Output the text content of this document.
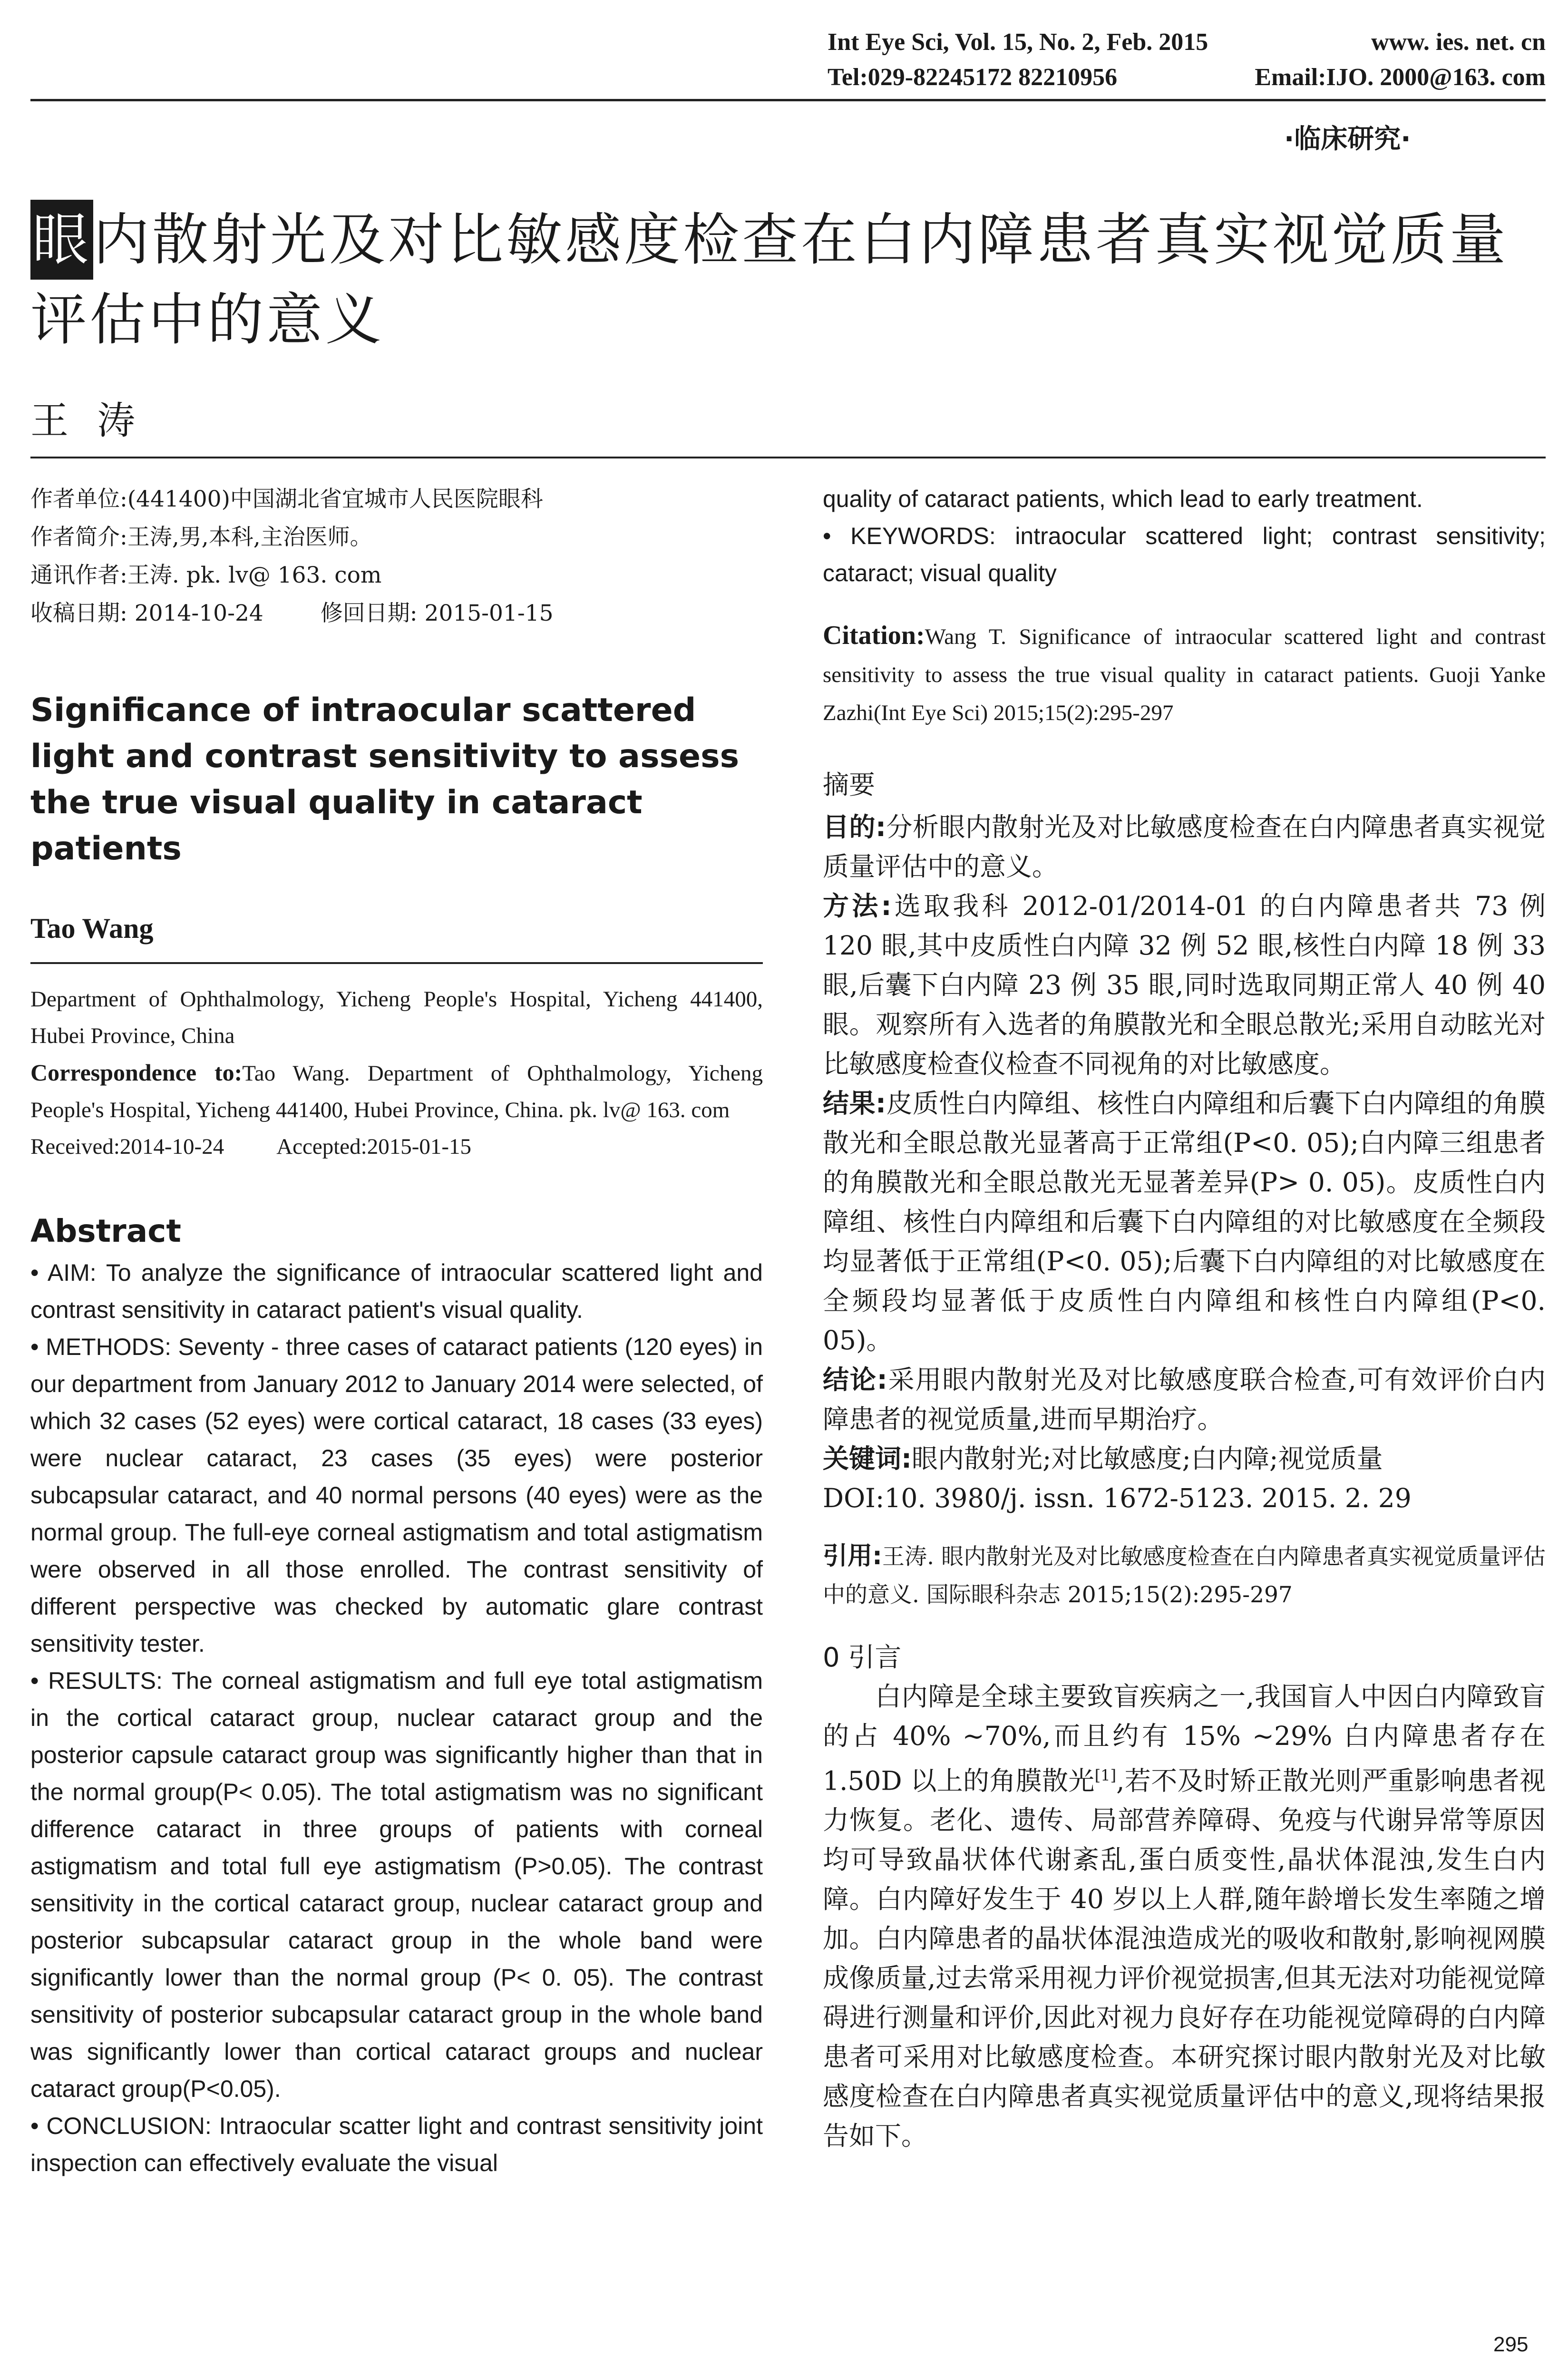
Int Eye Sci, Vol. 15, No. 2, Feb. 2015	www. ies. net. cn
Tel:029-82245172 82210956	Email:IJO. 2000@163. com
·临床研究·
眼内散射光及对比敏感度检查在白内障患者真实视觉质量评估中的意义
王涛
作者单位:(441400)中国湖北省宜城市人民医院眼科
作者简介:王涛,男,本科,主治医师。
通讯作者:王涛. pk. lv@ 163. com
收稿日期: 2014-10-24	修回日期: 2015-01-15
Significance of intraocular scattered light and contrast sensitivity to assess the true visual quality in cataract patients
Tao Wang
Department of Ophthalmology, Yicheng People's Hospital, Yicheng 441400, Hubei Province, China
Correspondence to:Tao Wang. Department of Ophthalmology, Yicheng People's Hospital, Yicheng 441400, Hubei Province, China. pk. lv@ 163. com
Received:2014-10-24 Accepted:2015-01-15
Abstract

• AIM: To analyze the significance of intraocular scattered light and contrast sensitivity in cataract patient's visual quality.

• METHODS: Seventy - three cases of cataract patients (120 eyes) in our department from January 2012 to January 2014 were selected, of which 32 cases (52 eyes) were cortical cataract, 18 cases (33 eyes) were nuclear cataract, 23 cases (35 eyes) were posterior subcapsular cataract, and 40 normal persons (40 eyes) were as the normal group. The full-eye corneal astigmatism and total astigmatism were observed in all those enrolled. The contrast sensitivity of different perspective was checked by automatic glare contrast sensitivity tester.

• RESULTS: The corneal astigmatism and full eye total astigmatism in the cortical cataract group, nuclear cataract group and the posterior capsule cataract group was significantly higher than that in the normal group(P< 0.05). The total astigmatism was no significant difference cataract in three groups of patients with corneal astigmatism and total full eye astigmatism (P>0.05). The contrast sensitivity in the cortical cataract group, nuclear cataract group and posterior subcapsular cataract group in the whole band were significantly lower than the normal group (P< 0. 05). The contrast sensitivity of posterior subcapsular cataract group in the whole band was significantly lower than cortical cataract groups and nuclear cataract group(P<0.05).

• CONCLUSION: Intraocular scatter light and contrast sensitivity joint inspection can effectively evaluate the visual

quality of cataract patients, which lead to early treatment.

• KEYWORDS: intraocular scattered light; contrast sensitivity; cataract; visual quality

Citation:Wang T. Significance of intraocular scattered light and contrast sensitivity to assess the true visual quality in cataract patients. Guoji Yanke Zazhi(Int Eye Sci) 2015;15(2):295-297

摘要

目的:分析眼内散射光及对比敏感度检查在白内障患者真实视觉质量评估中的意义。

方法:选取我科 2012-01/2014-01 的白内障患者共 73 例 120 眼,其中皮质性白内障 32 例 52 眼,核性白内障 18 例 33 眼,后囊下白内障 23 例 35 眼,同时选取同期正常人 40 例 40 眼。观察所有入选者的角膜散光和全眼总散光;采用自动眩光对比敏感度检查仪检查不同视角的对比敏感度。

结果:皮质性白内障组、核性白内障组和后囊下白内障组的角膜散光和全眼总散光显著高于正常组(P<0. 05);白内障三组患者的角膜散光和全眼总散光无显著差异(P> 0. 05)。皮质性白内障组、核性白内障组和后囊下白内障组的对比敏感度在全频段均显著低于正常组(P<0. 05);后囊下白内障组的对比敏感度在全频段均显著低于皮质性白内障组和核性白内障组(P<0. 05)。

结论:采用眼内散射光及对比敏感度联合检查,可有效评价白内障患者的视觉质量,进而早期治疗。

关键词:眼内散射光;对比敏感度;白内障;视觉质量

DOI:10. 3980/j. issn. 1672-5123. 2015. 2. 29

引用:王涛. 眼内散射光及对比敏感度检查在白内障患者真实视觉质量评估中的意义. 国际眼科杂志 2015;15(2):295-297
0 引言

白内障是全球主要致盲疾病之一,我国盲人中因白内障致盲的占 40% ~70%,而且约有 15% ~29% 白内障患者存在 1.50D 以上的角膜散光[1],若不及时矫正散光则严重影响患者视力恢复。老化、遗传、局部营养障碍、免疫与代谢异常等原因均可导致晶状体代谢紊乱,蛋白质变性,晶状体混浊,发生白内障。白内障好发生于 40 岁以上人群,随年龄增长发生率随之增加。白内障患者的晶状体混浊造成光的吸收和散射,影响视网膜成像质量,过去常采用视力评价视觉损害,但其无法对功能视觉障碍进行测量和评价,因此对视力良好存在功能视觉障碍的白内障患者可采用对比敏感度检查。本研究探讨眼内散射光及对比敏感度检查在白内障患者真实视觉质量评估中的意义,现将结果报告如下。

295
